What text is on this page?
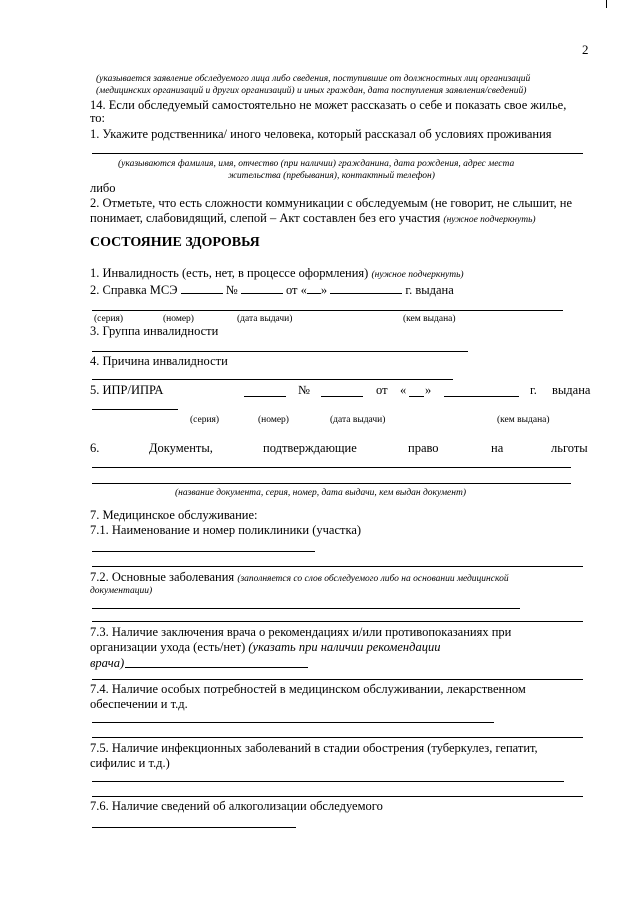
2
(указывается заявление обследуемого лица либо сведения, поступившие от должностных лиц организаций
(медицинских организаций и других организаций) и иных граждан, дата поступления заявления/сведений)
14. Если обследуемый самостоятельно не может рассказать о себе и показать свое жилье,
то:
1. Укажите родственника/ иного человека, который рассказал об условиях проживания
(указываются фамилия, имя, отчество (при наличии) гражданина, дата рождения, адрес места
жительства (пребывания), контактный телефон)
либо
2. Отметьте, что есть сложности коммуникации с обследуемым (не говорит, не слышит, не
понимает, слабовидящий, слепой – Акт составлен без его участия (нужное подчеркнуть)
СОСТОЯНИЕ ЗДОРОВЬЯ
1. Инвалидность (есть, нет, в процессе оформления) (нужное подчеркнуть)
2. Справка МСЭ	№	от « »	г. выдана
(серия)	(номер)	(дата выдачи)	(кем выдана)
3. Группа инвалидности
4. Причина инвалидности
5. ИПР/ИПРА	№	от « »	г. выдана
(серия)	(номер)	(дата выдачи)	(кем выдана)
6.	Документы,	подтверждающие	право	на	льготы
(название документа, серия, номер, дата выдачи, кем выдан документ)
7. Медицинское обслуживание:
7.1. Наименование и номер поликлиники (участка)
7.2. Основные заболевания (заполняется со слов обследуемого либо на основании медицинской
документации)
7.3. Наличие заключения врача о рекомендациях и/или противопоказаниях при
организации ухода (есть/нет) (указать при наличии рекомендации
врача)
7.4. Наличие особых потребностей в медицинском обслуживании, лекарственном
обеспечении и т.д.
7.5. Наличие инфекционных заболеваний в стадии обострения (туберкулез, гепатит,
сифилис и т.д.)
7.6. Наличие сведений об алкоголизации обследуемого
